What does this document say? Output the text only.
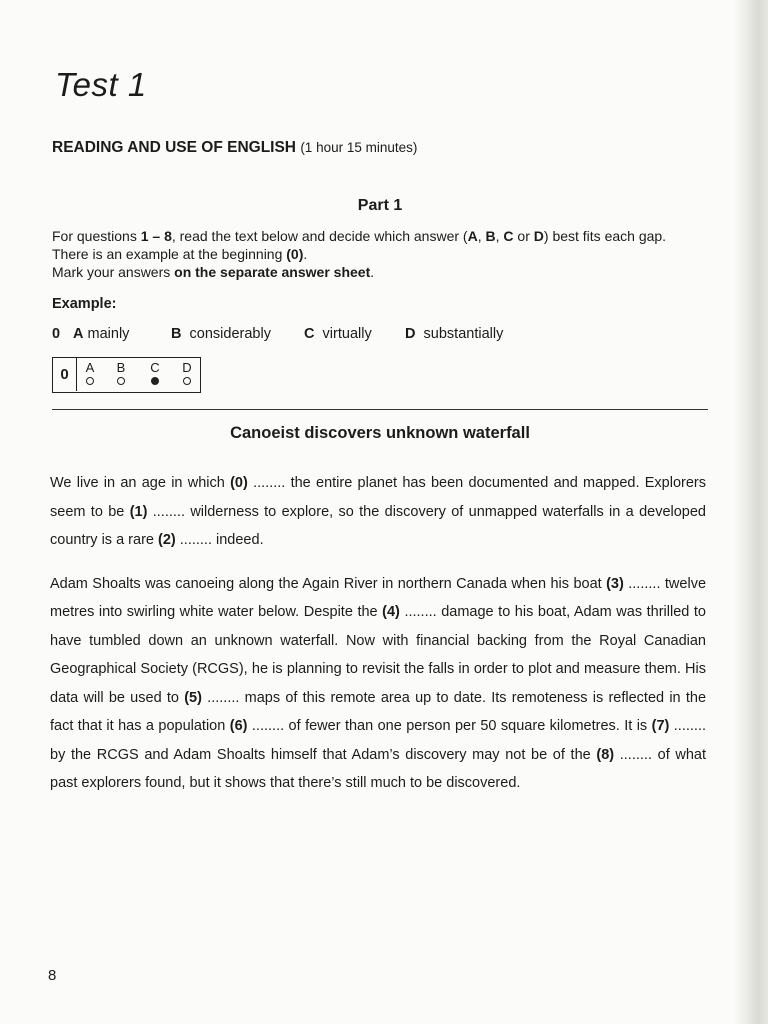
Test 1
READING AND USE OF ENGLISH (1 hour 15 minutes)
Part 1

For questions 1 – 8, read the text below and decide which answer (A, B, C or D) best fits each gap.

There is an example at the beginning (0).

Mark your answers on the separate answer sheet.

Example:
0 A mainly	B considerably C virtually D substantially
0	A	B	C	D
Canoeist discovers unknown waterfall

We live in an age in which (0) ........ the entire planet has been documented and mapped. Explorers seem to be (1) ........ wilderness to explore, so the discovery of unmapped waterfalls in a developed country is a rare (2) ........ indeed.

Adam Shoalts was canoeing along the Again River in northern Canada when his boat (3) ........ twelve metres into swirling white water below. Despite the (4) ........ damage to his boat, Adam was thrilled to have tumbled down an unknown waterfall. Now with financial backing from the Royal Canadian Geographical Society (RCGS), he is planning to revisit the falls in order to plot and measure them. His data will be used to (5) ........ maps of this remote area up to date. Its remoteness is reflected in the fact that it has a population (6) ........ of fewer than one person per 50 square kilometres. It is (7) ........ by the RCGS and Adam Shoalts himself that Adam’s discovery may not be of the (8) ........ of what past explorers found, but it shows that there’s still much to be discovered.

8
